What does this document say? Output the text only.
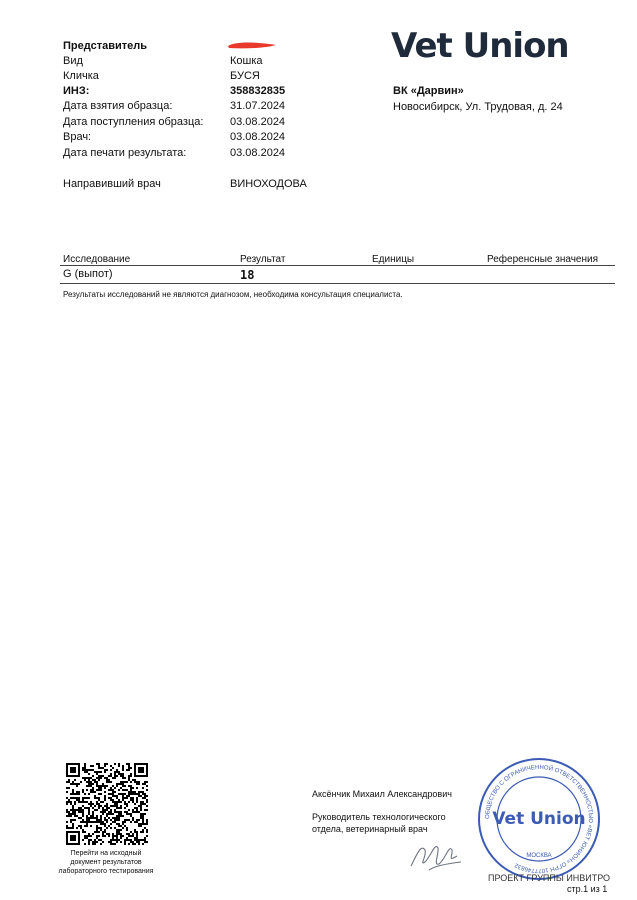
Представитель
Вид	Кошка
Кличка	БУСЯ
ИНЗ:	358832835
Дата взятия образца:	31.07.2024
Дата поступления образца: 03.08.2024
Врач:	03.08.2024
Дата печати результата:	03.08.2024
Направивший врач	ВИНОХОДОВА
Vet Union
ВК «Дарвин»
Новосибирск, Ул. Трудовая, д. 24
Исследование	Результат	Единицы	Референсные значения
G (выпот)	18
Результаты исследований не являются диагнозом, необходима консультация специалиста.
Перейти на исходный
документ результатов
лабораторного тестирования
Аксёнчик Михаил Александрович
Руководитель технологического
отдела, ветеринарный врач
ОБЩЕСТВО С ОГРАНИЧЕННОЙ ОТВЕТСТВЕННОСТЬЮ «ВЕТ ЮНИОН» ОГРН 1077746832
Vet Union
МОСКВА
ПРОЕКТ ГРУППЫ ИНВИТРО
стр.1 из 1
